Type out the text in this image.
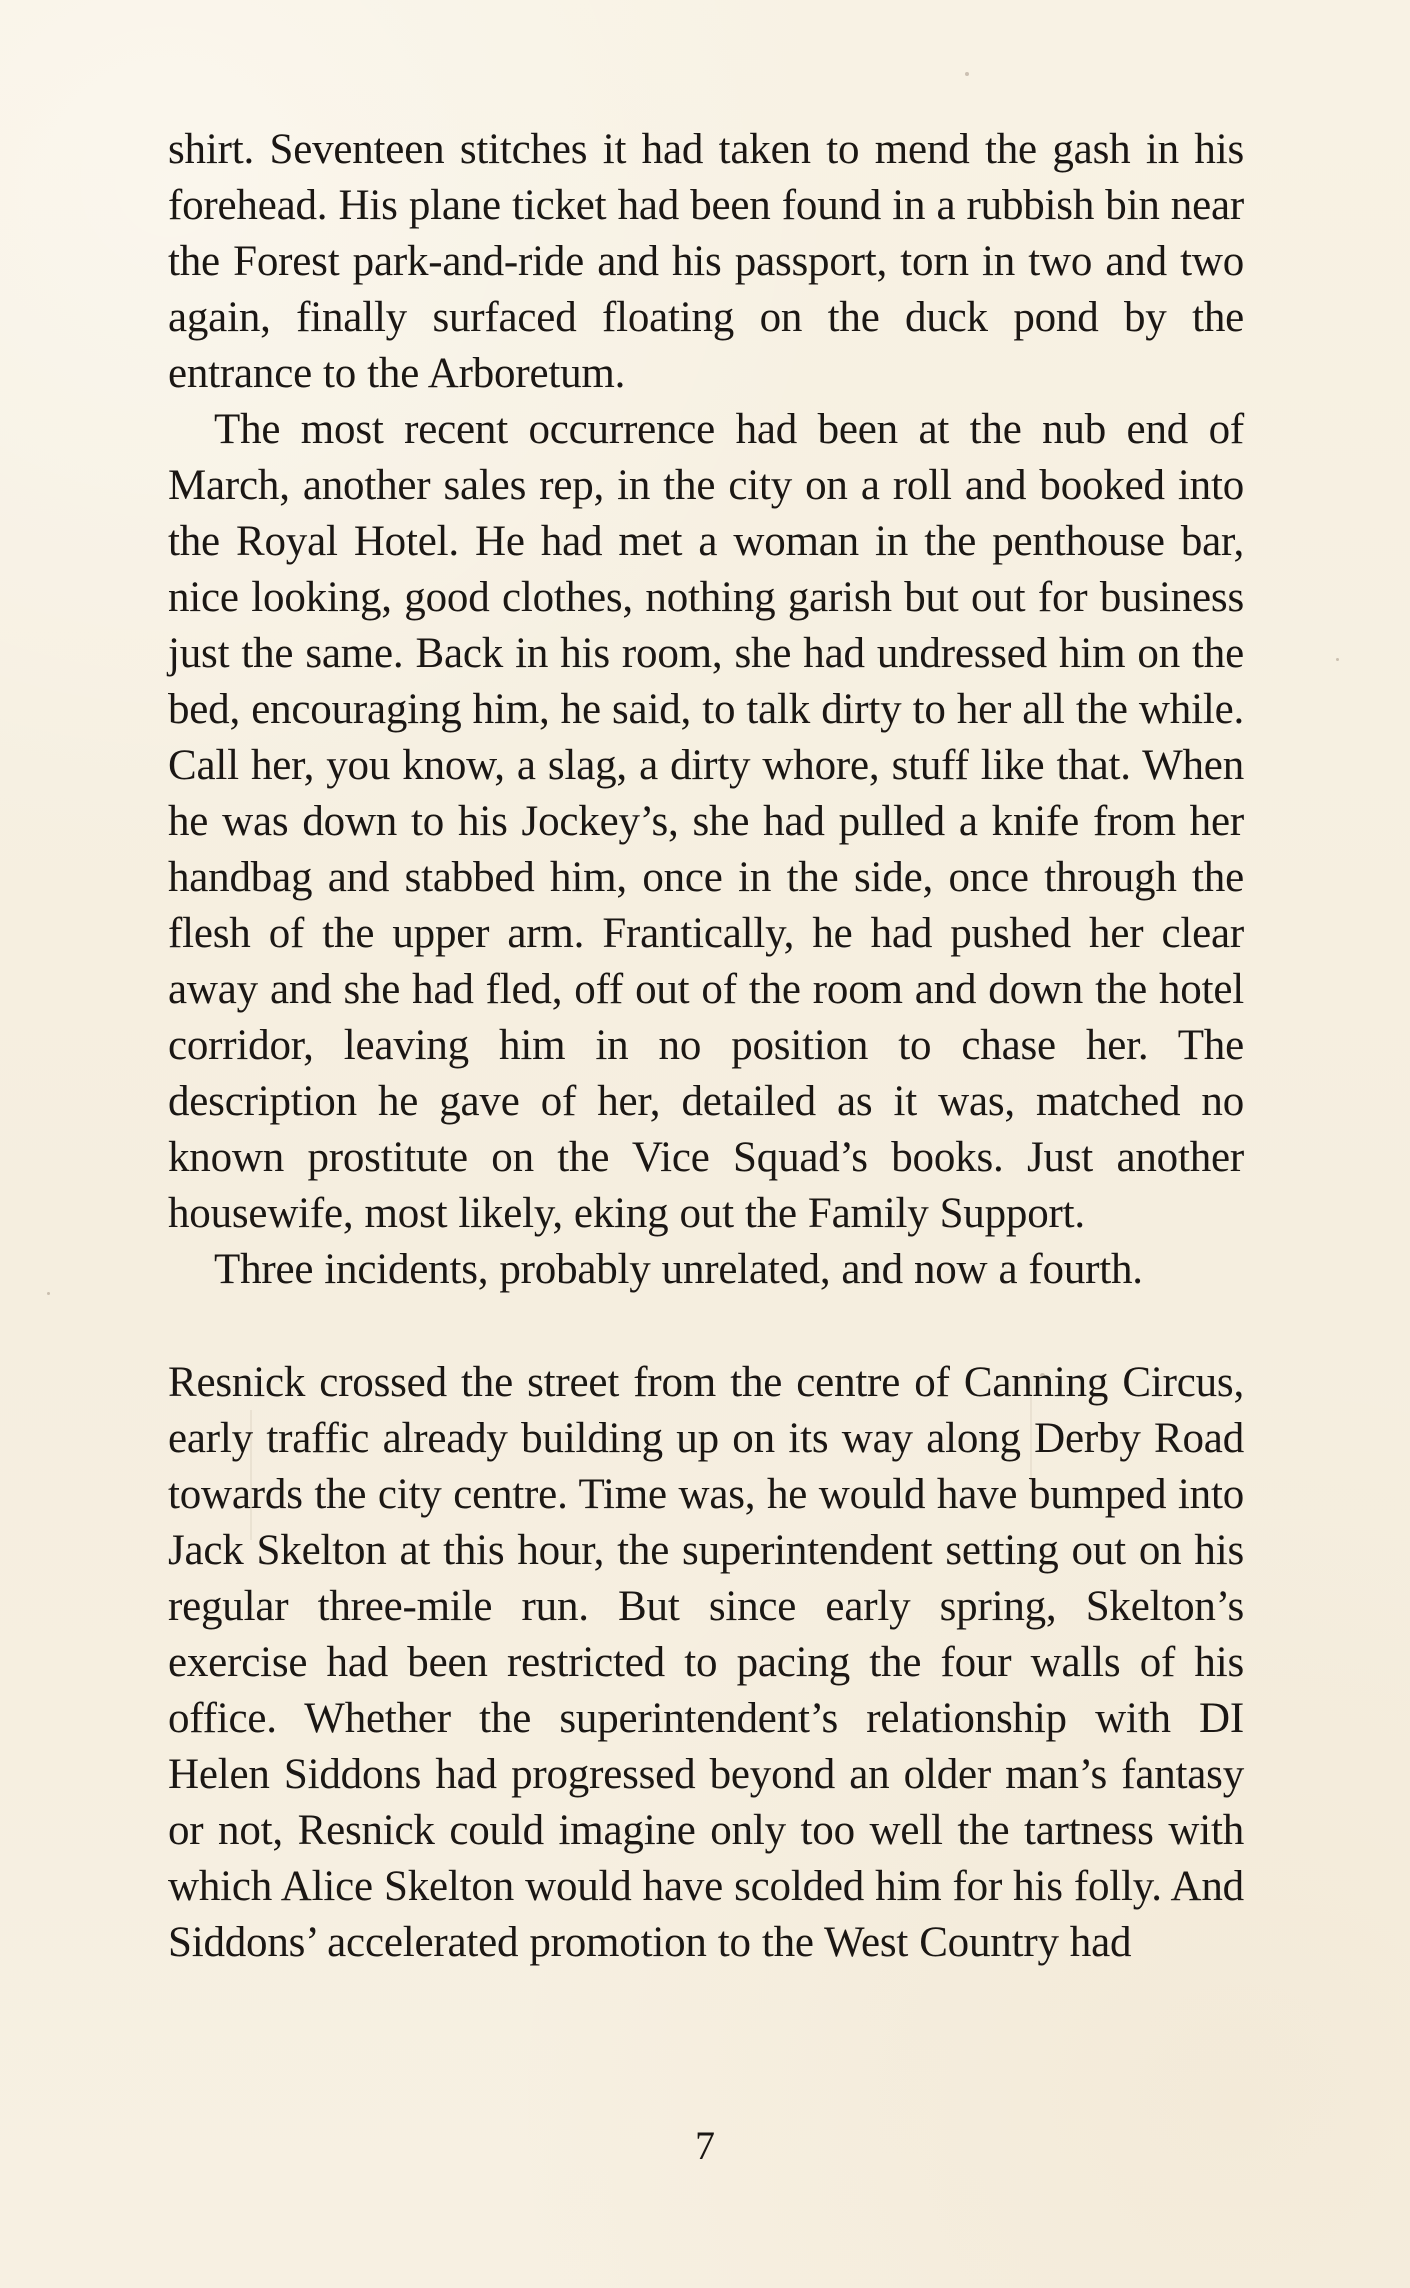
shirt. Seventeen stitches it had taken to mend the gash in his forehead. His plane ticket had been found in a rubbish bin near the Forest park-and-ride and his passport, torn in two and two again, finally surfaced floating on the duck pond by the entrance to the Arboretum.

The most recent occurrence had been at the nub end of March, another sales rep, in the city on a roll and booked into the Royal Hotel. He had met a woman in the penthouse bar, nice looking, good clothes, nothing garish but out for business just the same. Back in his room, she had undressed him on the bed, encouraging him, he said, to talk dirty to her all the while. Call her, you know, a slag, a dirty whore, stuff like that. When he was down to his Jockey’s, she had pulled a knife from her handbag and stabbed him, once in the side, once through the flesh of the upper arm. Frantically, he had pushed her clear away and she had fled, off out of the room and down the hotel corridor, leaving him in no position to chase her. The description he gave of her, detailed as it was, matched no known prostitute on the Vice Squad’s books. Just another housewife, most likely, eking out the Family Support.

Three incidents, probably unrelated, and now a fourth.

Resnick crossed the street from the centre of Canning Circus, early traffic already building up on its way along Derby Road towards the city centre. Time was, he would have bumped into Jack Skelton at this hour, the superintendent setting out on his regular three-mile run. But since early spring, Skelton’s exercise had been restricted to pacing the four walls of his office. Whether the superintendent’s relationship with DI Helen Siddons had progressed beyond an older man’s fantasy or not, Resnick could imagine only too well the tartness with which Alice Skelton would have scolded him for his folly. And Siddons’ accelerated promotion to the West Country had

7
